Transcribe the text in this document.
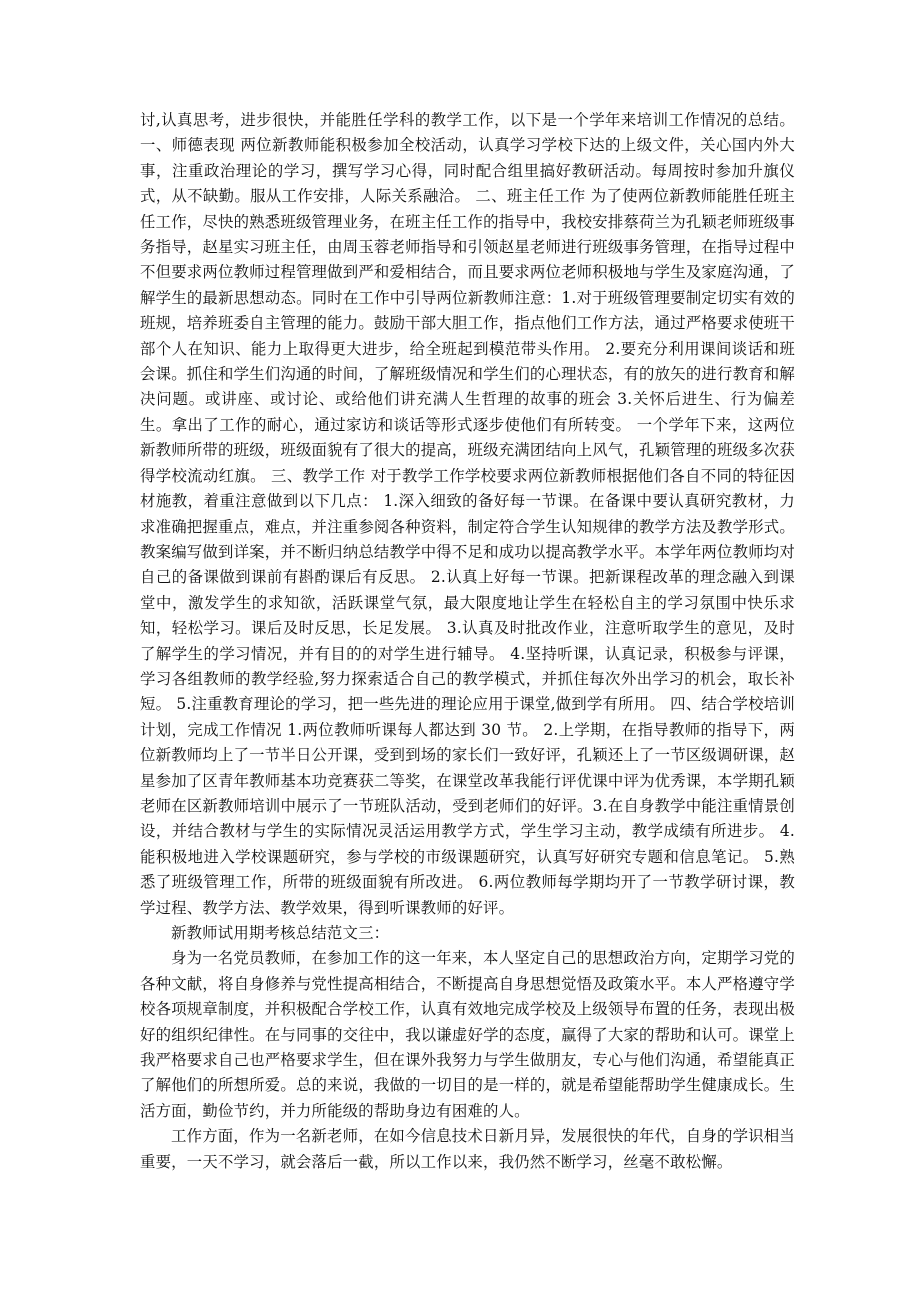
讨,认真思考，进步很快，并能胜任学科的教学工作，以下是一个学年来培训工作情况的总结。 一、师德表现 两位新教师能积极参加全校活动，认真学习学校下达的上级文件，关心国内外大事，注重政治理论的学习，撰写学习心得，同时配合组里搞好教研活动。每周按时参加升旗仪式，从不缺勤。服从工作安排，人际关系融洽。 二、班主任工作 为了使两位新教师能胜任班主任工作，尽快的熟悉班级管理业务，在班主任工作的指导中，我校安排蔡荷兰为孔颖老师班级事务指导，赵星实习班主任，由周玉蓉老师指导和引领赵星老师进行班级事务管理，在指导过程中不但要求两位教师过程管理做到严和爱相结合，而且要求两位老师积极地与学生及家庭沟通，了解学生的最新思想动态。同时在工作中引导两位新教师注意：1.对于班级管理要制定切实有效的班规，培养班委自主管理的能力。鼓励干部大胆工作，指点他们工作方法，通过严格要求使班干部个人在知识、能力上取得更大进步，给全班起到模范带头作用。 2.要充分利用课间谈话和班会课。抓住和学生们沟通的时间，了解班级情况和学生们的心理状态，有的放矢的进行教育和解决问题。或讲座、或讨论、或给他们讲充满人生哲理的故事的班会 3.关怀后进生、行为偏差生。拿出了工作的耐心，通过家访和谈话等形式逐步使他们有所转变。 一个学年下来，这两位新教师所带的班级，班级面貌有了很大的提高，班级充满团结向上风气，孔颖管理的班级多次获得学校流动红旗。 三、教学工作 对于教学工作学校要求两位新教师根据他们各自不同的特征因材施教，着重注意做到以下几点： 1.深入细致的备好每一节课。在备课中要认真研究教材，力求准确把握重点，难点，并注重参阅各种资料，制定符合学生认知规律的教学方法及教学形式。教案编写做到详案，并不断归纳总结教学中得不足和成功以提高教学水平。本学年两位教师均对自己的备课做到课前有斟酌课后有反思。 2.认真上好每一节课。把新课程改革的理念融入到课堂中，激发学生的求知欲，活跃课堂气氛，最大限度地让学生在轻松自主的学习氛围中快乐求知，轻松学习。课后及时反思，长足发展。 3.认真及时批改作业，注意听取学生的意见，及时了解学生的学习情况，并有目的的对学生进行辅导。 4.坚持听课，认真记录，积极参与评课，学习各组教师的教学经验,努力探索适合自己的教学模式，并抓住每次外出学习的机会，取长补短。 5.注重教育理论的学习，把一些先进的理论应用于课堂,做到学有所用。 四、结合学校培训计划，完成工作情况 1.两位教师听课每人都达到 30 节。 2.上学期，在指导教师的指导下，两位新教师均上了一节半日公开课，受到到场的家长们一致好评，孔颖还上了一节区级调研课，赵星参加了区青年教师基本功竞赛获二等奖，在课堂改革我能行评优课中评为优秀课，本学期孔颖老师在区新教师培训中展示了一节班队活动，受到老师们的好评。3.在自身教学中能注重情景创设，并结合教材与学生的实际情况灵活运用教学方式，学生学习主动，教学成绩有所进步。 4.能积极地进入学校课题研究，参与学校的市级课题研究，认真写好研究专题和信息笔记。 5.熟悉了班级管理工作，所带的班级面貌有所改进。 6.两位教师每学期均开了一节教学研讨课，教学过程、教学方法、教学效果，得到听课教师的好评。

新教师试用期考核总结范文三：

身为一名党员教师，在参加工作的这一年来，本人坚定自己的思想政治方向，定期学习党的各种文献，将自身修养与党性提高相结合，不断提高自身思想觉悟及政策水平。本人严格遵守学校各项规章制度，并积极配合学校工作，认真有效地完成学校及上级领导布置的任务，表现出极好的组织纪律性。在与同事的交往中，我以谦虚好学的态度，赢得了大家的帮助和认可。课堂上我严格要求自己也严格要求学生，但在课外我努力与学生做朋友，专心与他们沟通，希望能真正了解他们的所想所爱。总的来说，我做的一切目的是一样的，就是希望能帮助学生健康成长。生活方面，勤俭节约，并力所能级的帮助身边有困难的人。

工作方面，作为一名新老师，在如今信息技术日新月异，发展很快的年代，自身的学识相当重要，一天不学习，就会落后一截，所以工作以来，我仍然不断学习，丝毫不敢松懈。
